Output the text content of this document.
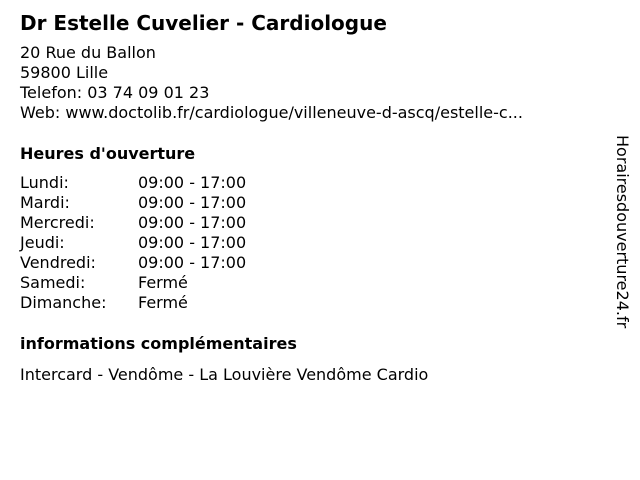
Dr Estelle Cuvelier - Cardiologue
20 Rue du Ballon
59800 Lille
Telefon: 03 74 09 01 23
Web: www.doctolib.fr/cardiologue/villeneuve-d-ascq/estelle-c...
Heures d'ouverture
Lundi:	09:00 - 17:00
Mardi:	09:00 - 17:00
Mercredi:	09:00 - 17:00
Jeudi:	09:00 - 17:00
Vendredi:	09:00 - 17:00
Samedi:	Fermé
Dimanche:	Fermé
informations complémentaires
Intercard - Vendôme - La Louvière Vendôme Cardio
Horairesdouverture24.fr
